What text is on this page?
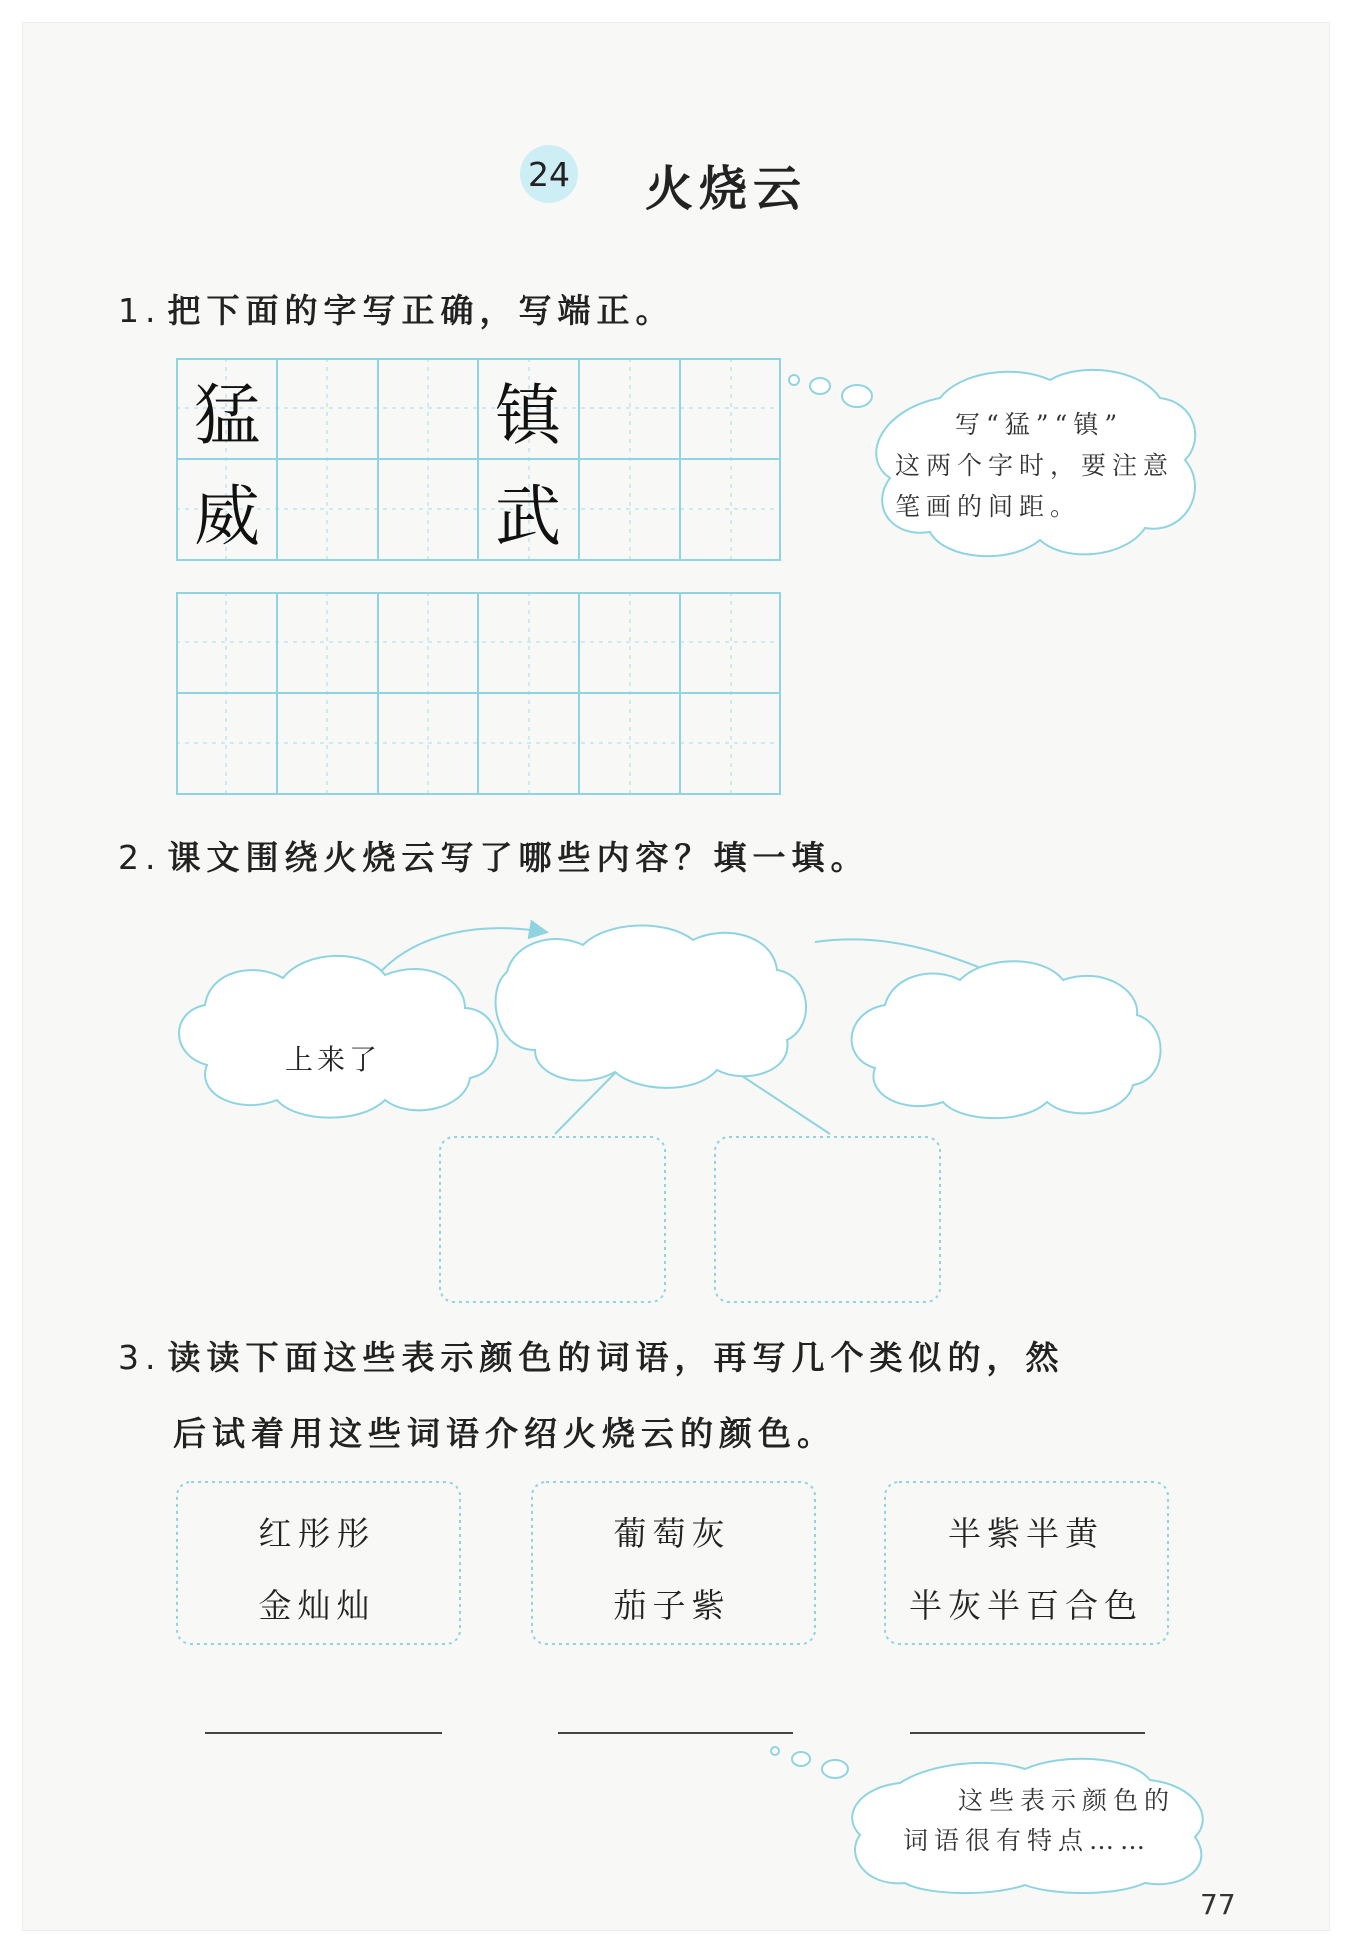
24 火烧云
1. 把下面的字写正确，写端正。
猛	镇
威	武
写“猛”“镇”
这两个字时，要注意
笔画的间距。
2. 课文围绕火烧云写了哪些内容？填一填。
上来了
3. 读读下面这些表示颜色的词语，再写几个类似的，然
后试着用这些词语介绍火烧云的颜色。
红彤彤
金灿灿
葡萄灰
茄子紫
半紫半黄
半灰半百合色
这些表示颜色的
词语很有特点……
77
